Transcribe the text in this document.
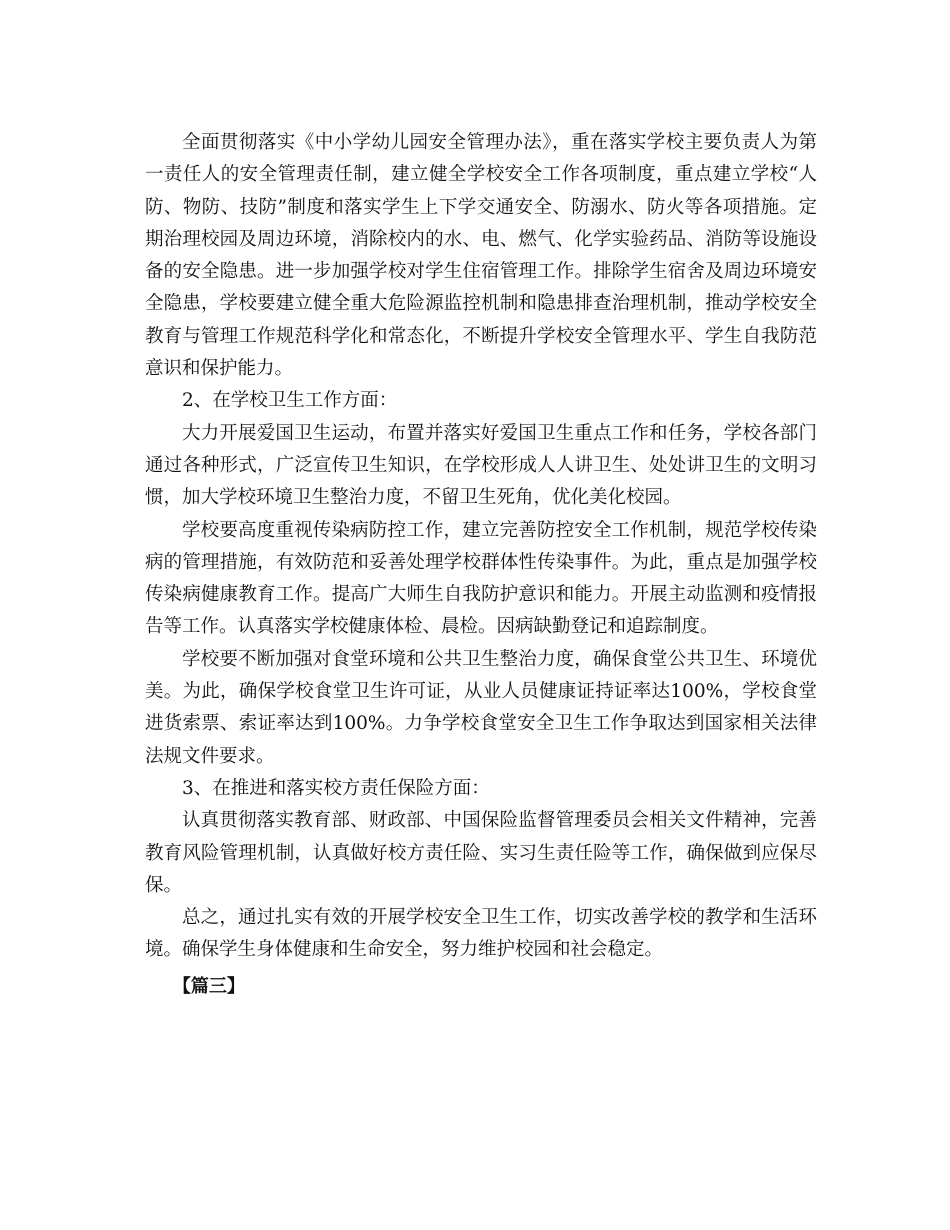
全面贯彻落实《中小学幼儿园安全管理办法》，重在落实学校主要负责人为第一责任人的安全管理责任制，建立健全学校安全工作各项制度，重点建立学校“人防、物防、技防”制度和落实学生上下学交通安全、防溺水、防火等各项措施。定期治理校园及周边环境，消除校内的水、电、燃气、化学实验药品、消防等设施设备的安全隐患。进一步加强学校对学生住宿管理工作。排除学生宿舍及周边环境安全隐患，学校要建立健全重大危险源监控机制和隐患排查治理机制，推动学校安全教育与管理工作规范科学化和常态化，不断提升学校安全管理水平、学生自我防范意识和保护能力。

2、在学校卫生工作方面：

大力开展爱国卫生运动，布置并落实好爱国卫生重点工作和任务，学校各部门通过各种形式，广泛宣传卫生知识，在学校形成人人讲卫生、处处讲卫生的文明习惯，加大学校环境卫生整治力度，不留卫生死角，优化美化校园。

学校要高度重视传染病防控工作，建立完善防控安全工作机制，规范学校传染病的管理措施，有效防范和妥善处理学校群体性传染事件。为此，重点是加强学校传染病健康教育工作。提高广大师生自我防护意识和能力。开展主动监测和疫情报告等工作。认真落实学校健康体检、晨检。因病缺勤登记和追踪制度。

学校要不断加强对食堂环境和公共卫生整治力度，确保食堂公共卫生、环境优美。为此，确保学校食堂卫生许可证，从业人员健康证持证率达100%，学校食堂进货索票、索证率达到100%。力争学校食堂安全卫生工作争取达到国家相关法律法规文件要求。

3、在推进和落实校方责任保险方面：

认真贯彻落实教育部、财政部、中国保险监督管理委员会相关文件精神，完善教育风险管理机制，认真做好校方责任险、实习生责任险等工作，确保做到应保尽保。

总之，通过扎实有效的开展学校安全卫生工作，切实改善学校的教学和生活环境。确保学生身体健康和生命安全，努力维护校园和社会稳定。

【篇三】
